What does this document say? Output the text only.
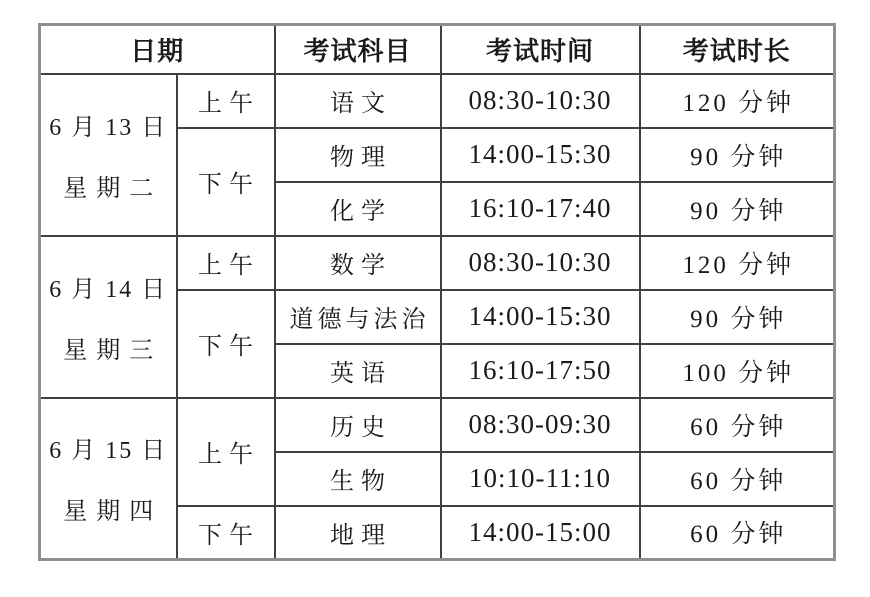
日期		考试科目	考试时间	考试时长

6 月 13 日
星期二	上午	语文	08:30-10:30	120 分钟
	下午	物理	14:00-15:30	90 分钟
		化学	16:10-17:40	90 分钟

6 月 14 日
星期三	上午	数学	08:30-10:30	120 分钟
	下午	道德与法治	14:00-15:30	90 分钟
		英语	16:10-17:50	100 分钟

6 月 15 日
星期四	上午	历史	08:30-09:30	60 分钟
		生物	10:10-11:10	60 分钟
	下午	地理	14:00-15:00	60 分钟
